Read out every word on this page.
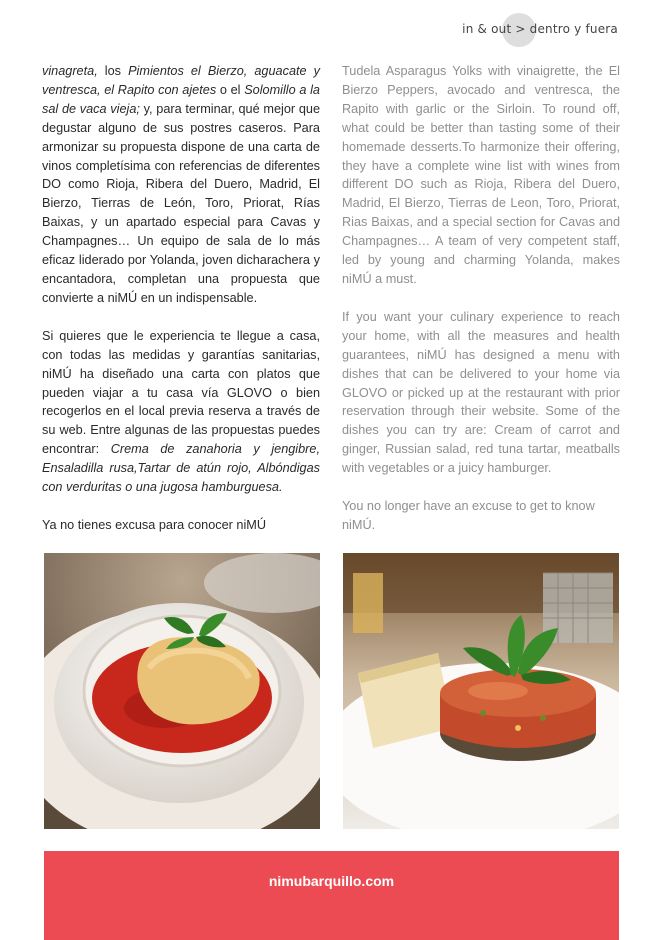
in & out > dentro y fuera

vinagreta, los Pimientos el Bierzo, aguacate y ventresca, el Rapito con ajetes o el Solomillo a la sal de vaca vieja; y, para terminar, qué mejor que degustar alguno de sus postres caseros. Para armonizar su propuesta dispone de una carta de vinos completísima con referencias de diferentes DO como Rioja, Ribera del Duero, Madrid, El Bierzo, Tierras de León, Toro, Priorat, Rías Baixas, y un apartado especial para Cavas y Champagnes… Un equipo de sala de lo más eficaz liderado por Yolanda, joven dicharachera y encantadora, completan una propuesta que convierte a niMÚ en un indispensable.

Si quieres que le experiencia te llegue a casa, con todas las medidas y garantías sanitarias, niMÚ ha diseñado una carta con platos que pueden viajar a tu casa vía GLOVO o bien recogerlos en el local previa reserva a través de su web. Entre algunas de las propuestas puedes encontrar: Crema de zanahoria y jengibre, Ensaladilla rusa,Tartar de atún rojo, Albóndigas con verduritas o una jugosa hamburguesa.

Ya no tienes excusa para conocer niMÚ

Tudela Asparagus Yolks with vinaigrette, the El Bierzo Peppers, avocado and ventresca, the Rapito with garlic or the Sirloin. To round off, what could be better than tasting some of their homemade desserts.To harmonize their offering, they have a complete wine list with wines from different DO such as Rioja, Ribera del Duero, Madrid, El Bierzo, Tierras de Leon, Toro, Priorat, Rias Baixas, and a special section for Cavas and Champagnes… A team of very competent staff, led by young and charming Yolanda, makes niMÚ a must.

If you want your culinary experience to reach your home, with all the measures and health guarantees, niMÚ has designed a menu with dishes that can be delivered to your home via GLOVO or picked up at the restaurant with prior reservation through their website. Some of the dishes you can try are: Cream of carrot and ginger, Russian salad, red tuna tartar, meatballs with vegetables or a juicy hamburger.

You no longer have an excuse to get to know niMÚ.

nimubarquillo.com
